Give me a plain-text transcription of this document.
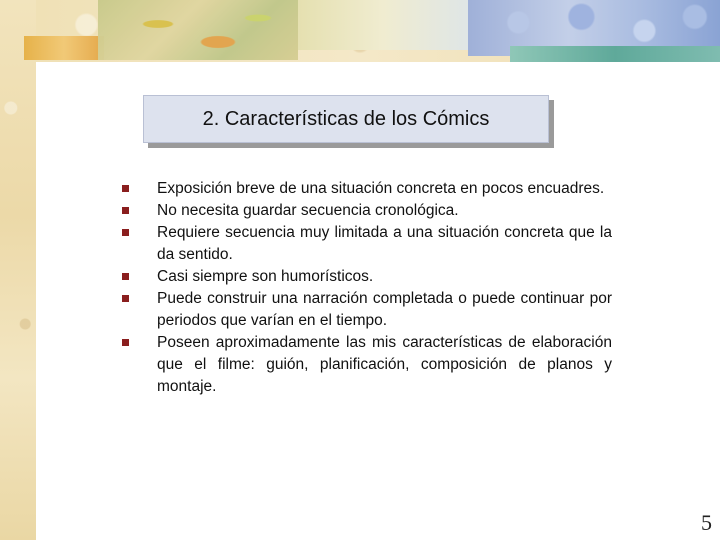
2. Características de los Cómics
Exposición breve de una situación concreta en pocos encuadres.
No necesita guardar secuencia cronológica.
Requiere secuencia muy limitada a una situación concreta que la da sentido.
Casi siempre son humorísticos.
Puede construir una narración completada o puede continuar por periodos que varían en el tiempo.
Poseen aproximadamente las mis características de elaboración que el filme: guión, planificación, composición de planos y montaje.
5
